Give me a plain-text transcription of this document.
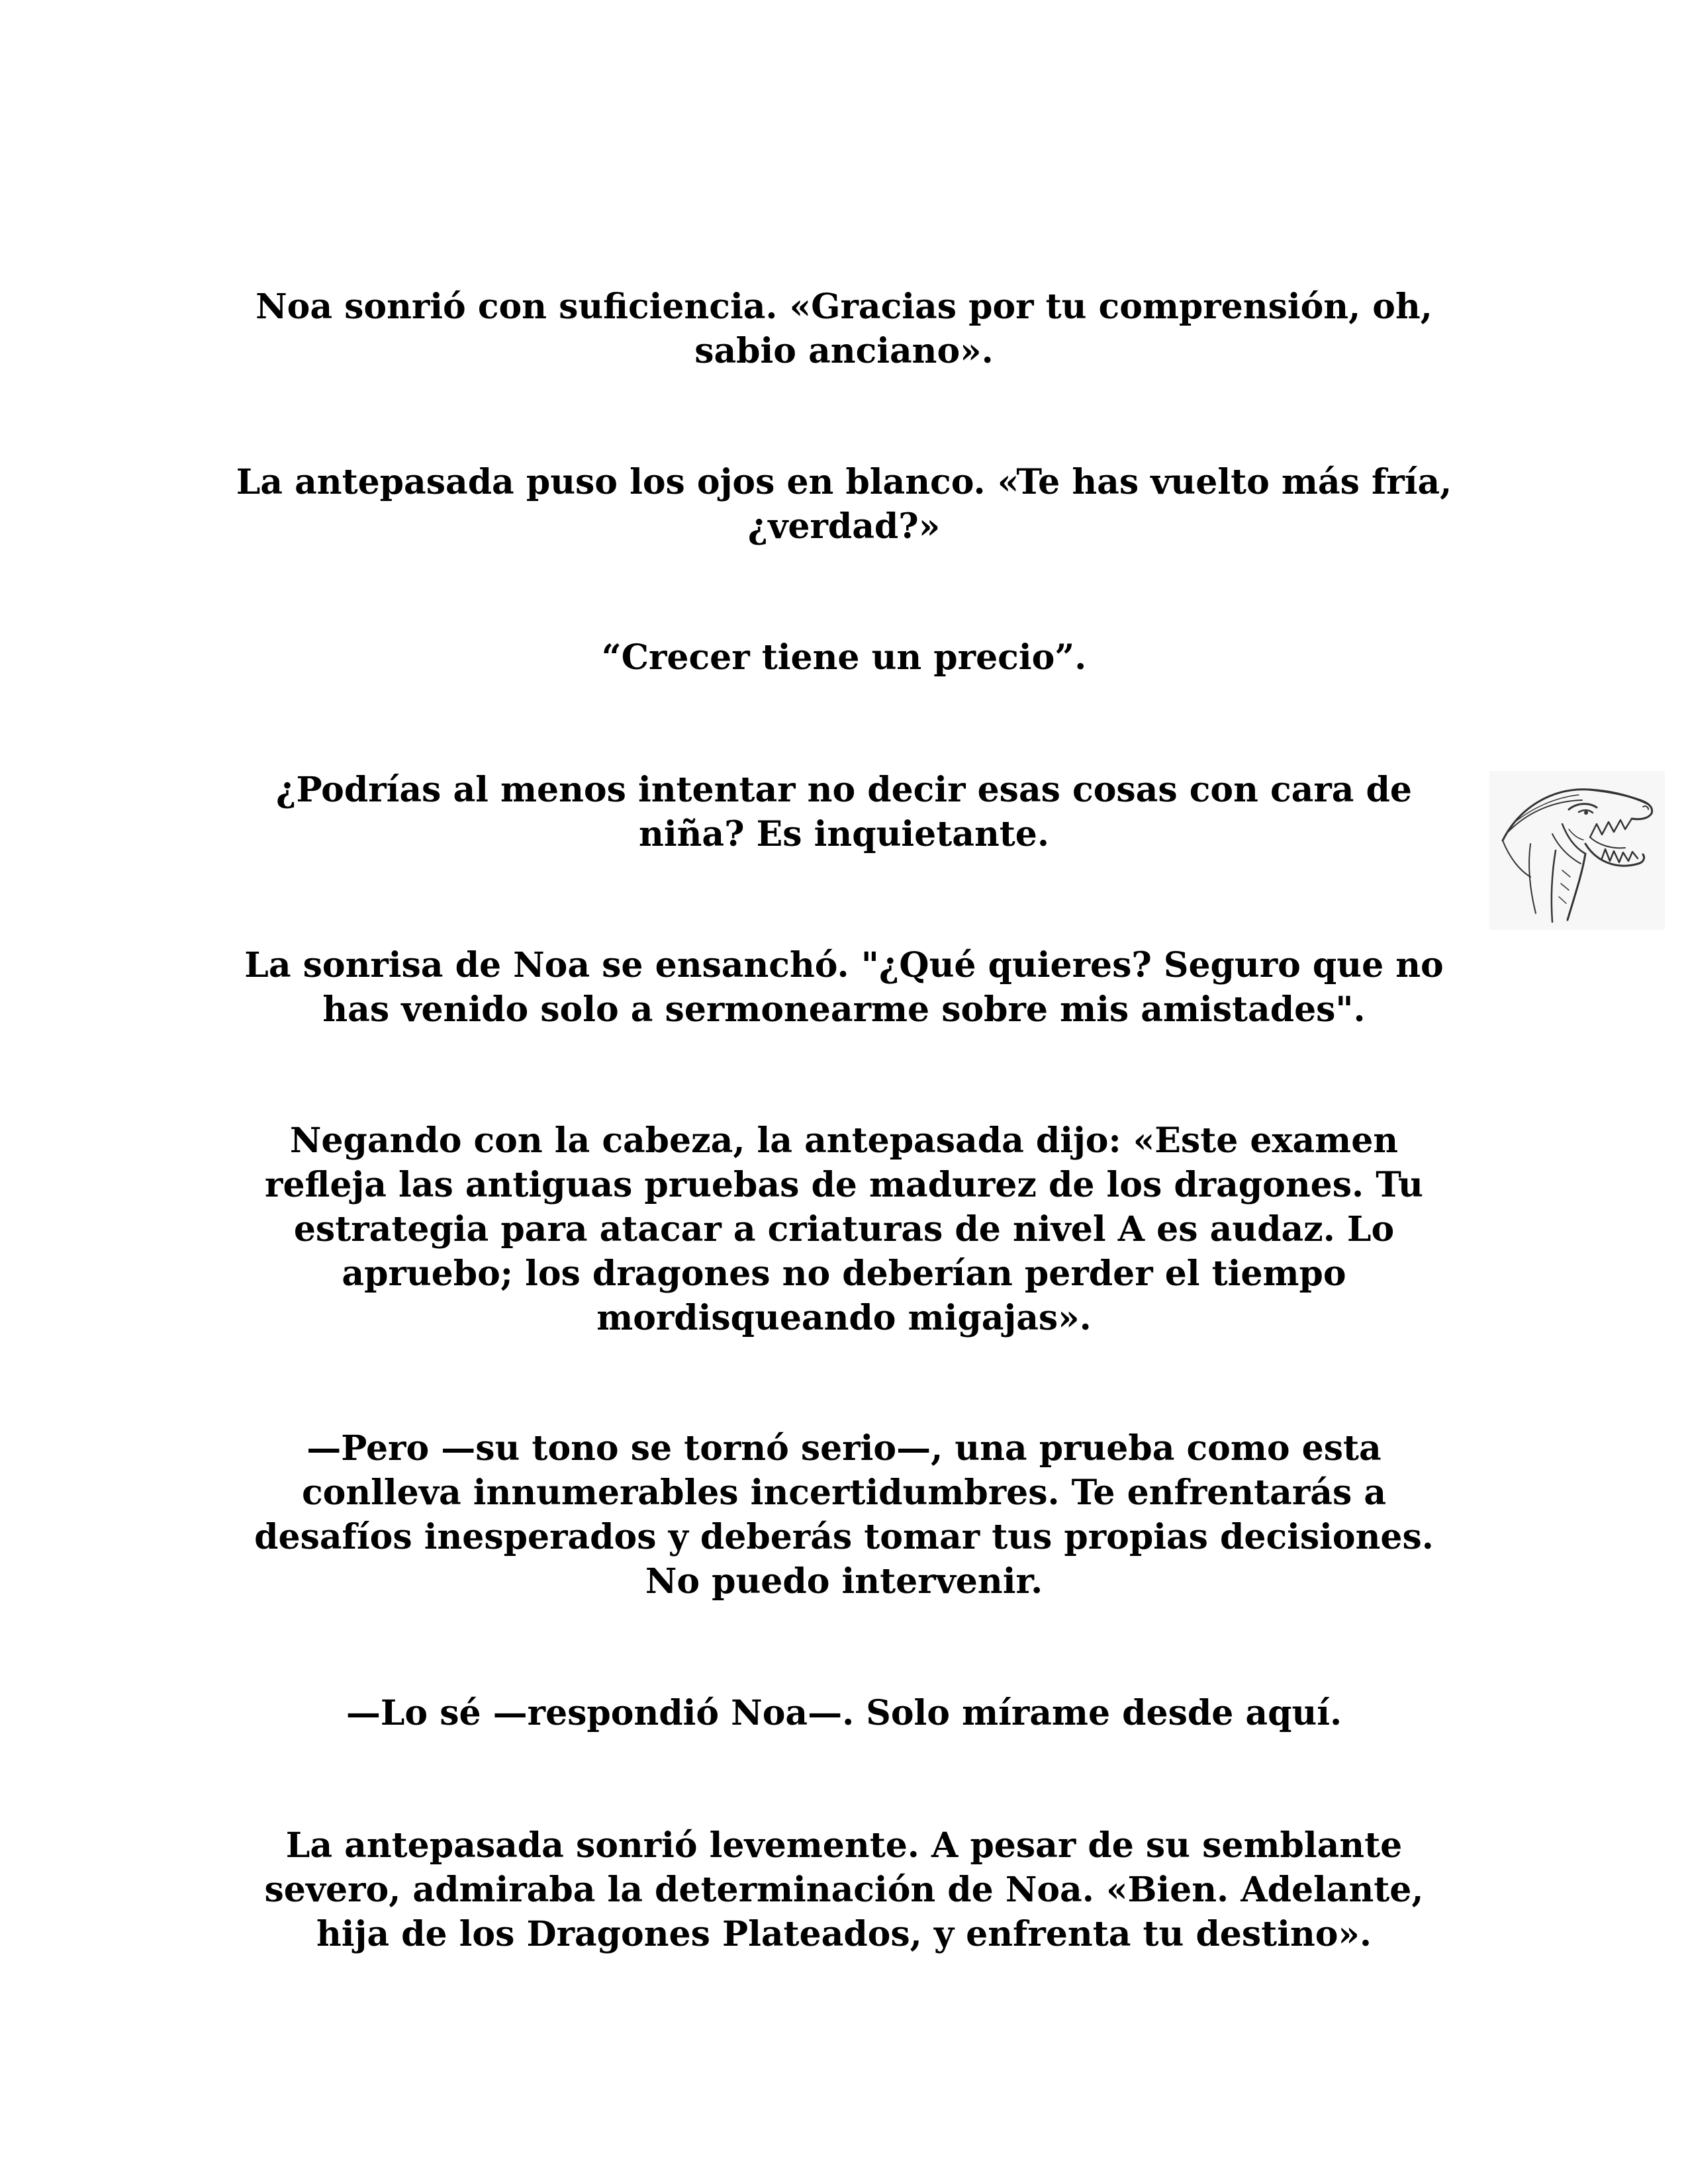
Noa sonrió con suficiencia. «Gracias por tu comprensión, oh, sabio anciano».

La antepasada puso los ojos en blanco. «Te has vuelto más fría, ¿verdad?»

“Crecer tiene un precio”.

¿Podrías al menos intentar no decir esas cosas con cara de niña? Es inquietante.

La sonrisa de Noa se ensanchó. "¿Qué quieres? Seguro que no has venido solo a sermonearme sobre mis amistades".

Negando con la cabeza, la antepasada dijo: «Este examen refleja las antiguas pruebas de madurez de los dragones. Tu estrategia para atacar a criaturas de nivel A es audaz. Lo apruebo; los dragones no deberían perder el tiempo mordisqueando migajas».

—Pero —su tono se tornó serio—, una prueba como esta conlleva innumerables incertidumbres. Te enfrentarás a desafíos inesperados y deberás tomar tus propias decisiones. No puedo intervenir.

—Lo sé —respondió Noa—. Solo mírame desde aquí.

La antepasada sonrió levemente. A pesar de su semblante severo, admiraba la determinación de Noa. «Bien. Adelante, hija de los Dragones Plateados, y enfrenta tu destino».
